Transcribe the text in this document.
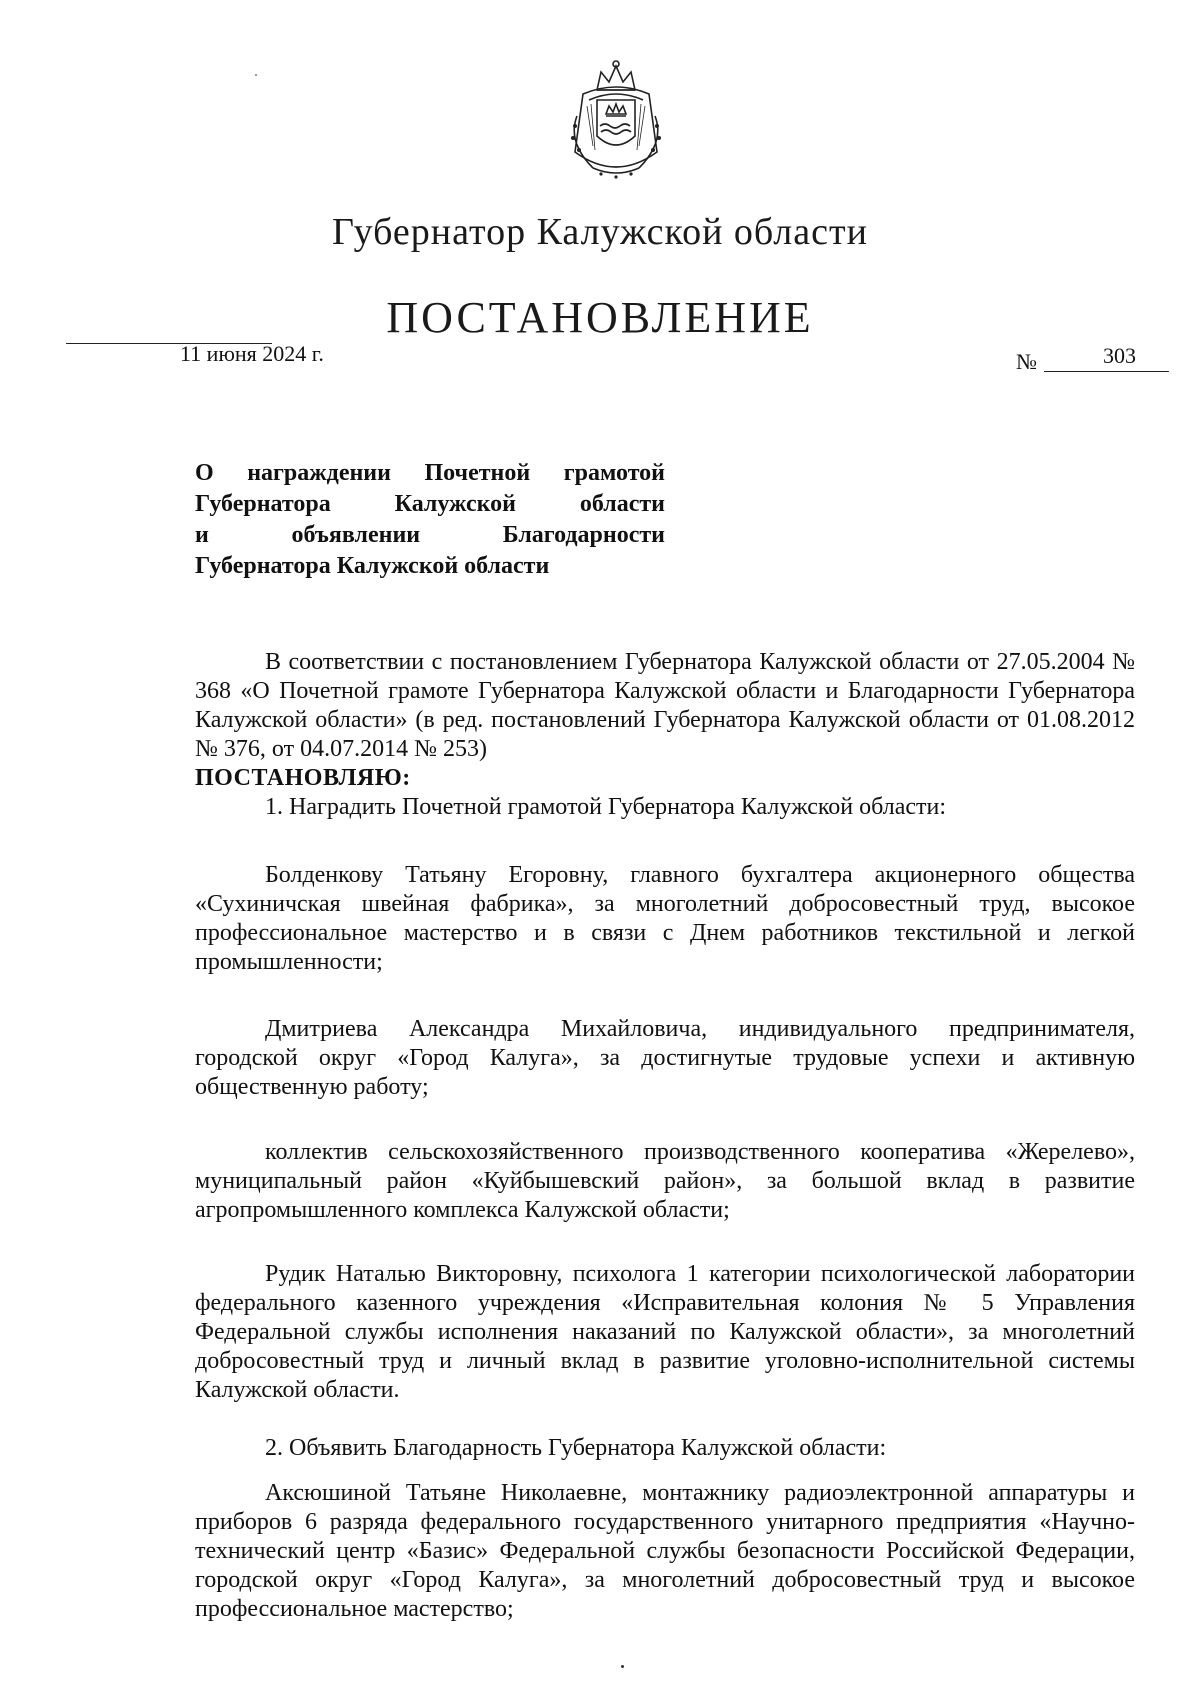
Губернатор Калужской области
ПОСТАНОВЛЕНИЕ
11 июня 2024 г.	№	303
О награждении Почетной грамотой
Губернатора Калужской области
и объявлении Благодарности
Губернатора Калужской области
В соответствии с постановлением Губернатора Калужской области от 27.05.2004 № 368 «О Почетной грамоте Губернатора Калужской области и Благодарности Губернатора Калужской области» (в ред. постановлений Губернатора Калужской области от 01.08.2012 № 376, от 04.07.2014 № 253)
ПОСТАНОВЛЯЮ:
1. Наградить Почетной грамотой Губернатора Калужской области:
Болденкову Татьяну Егоровну, главного бухгалтера акционерного общества «Сухиничская швейная фабрика», за многолетний добросовестный труд, высокое профессиональное мастерство и в связи с Днем работников текстильной и легкой промышленности;
Дмитриева Александра Михайловича, индивидуального предпринимателя, городской округ «Город Калуга», за достигнутые трудовые успехи и активную общественную работу;
коллектив сельскохозяйственного производственного кооператива «Жерелево», муниципальный район «Куйбышевский район», за большой вклад в развитие агропромышленного комплекса Калужской области;
Рудик Наталью Викторовну, психолога 1 категории психологической лаборатории федерального казенного учреждения «Исправительная колония № 5 Управления Федеральной службы исполнения наказаний по Калужской области», за многолетний добросовестный труд и личный вклад в развитие уголовно-исполнительной системы Калужской области.
2. Объявить Благодарность Губернатора Калужской области:
Аксюшиной Татьяне Николаевне, монтажнику радиоэлектронной аппаратуры и приборов 6 разряда федерального государственного унитарного предприятия «Научно-технический центр «Базис» Федеральной службы безопасности Российской Федерации, городской округ «Город Калуга», за многолетний добросовестный труд и высокое профессиональное мастерство;
